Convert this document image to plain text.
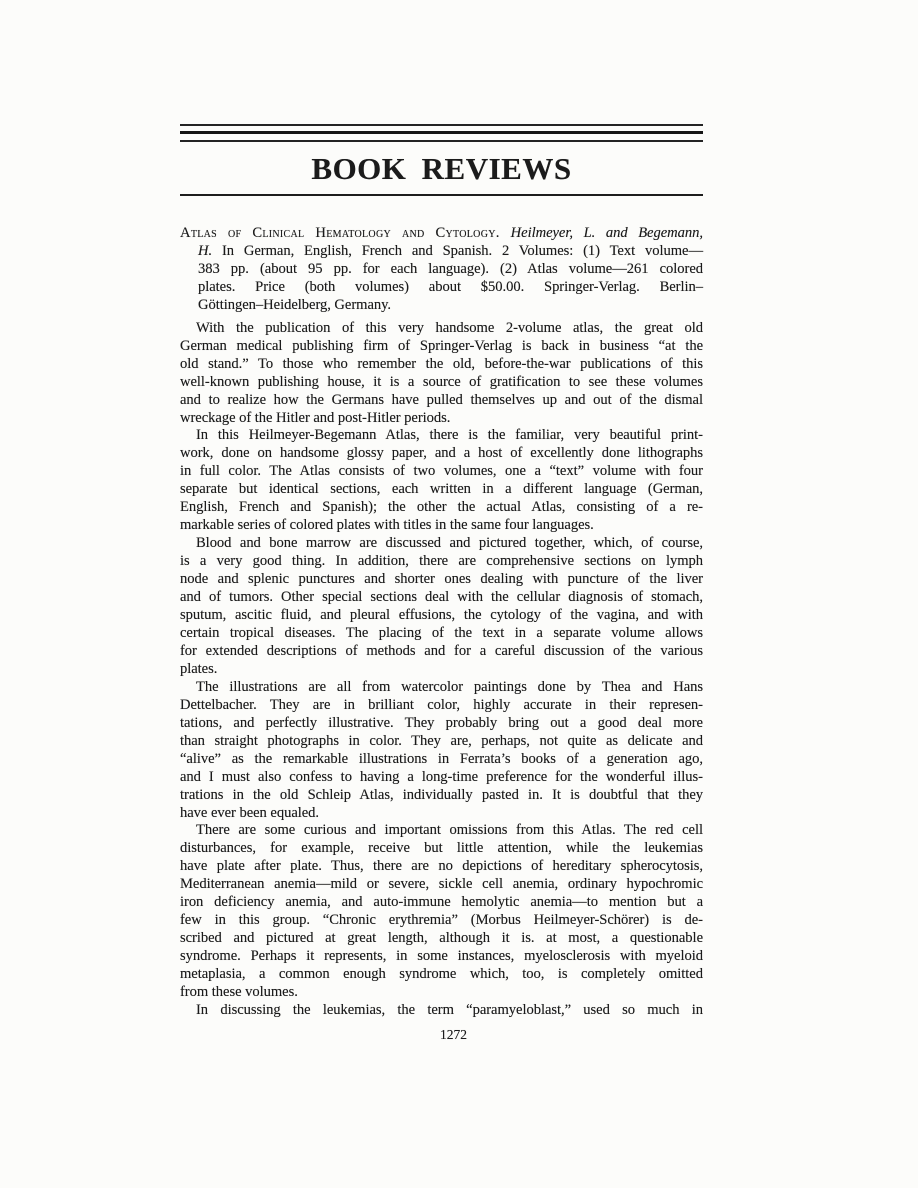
BOOK REVIEWS
Atlas of Clinical Hematology and Cytology. Heilmeyer, L. and Begemann,
H. In German, English, French and Spanish. 2 Volumes: (1) Text volume—
383 pp. (about 95 pp. for each language). (2) Atlas volume—261 colored
plates. Price (both volumes) about $50.00. Springer-Verlag. Berlin–
Göttingen–Heidelberg, Germany.
With the publication of this very handsome 2-volume atlas, the great old
German medical publishing firm of Springer-Verlag is back in business “at the
old stand.” To those who remember the old, before-the-war publications of this
well-known publishing house, it is a source of gratification to see these volumes
and to realize how the Germans have pulled themselves up and out of the dismal
wreckage of the Hitler and post-Hitler periods.
In this Heilmeyer-Begemann Atlas, there is the familiar, very beautiful print-
work, done on handsome glossy paper, and a host of excellently done lithographs
in full color. The Atlas consists of two volumes, one a “text” volume with four
separate but identical sections, each written in a different language (German,
English, French and Spanish); the other the actual Atlas, consisting of a re-
markable series of colored plates with titles in the same four languages.
Blood and bone marrow are discussed and pictured together, which, of course,
is a very good thing. In addition, there are comprehensive sections on lymph
node and splenic punctures and shorter ones dealing with puncture of the liver
and of tumors. Other special sections deal with the cellular diagnosis of stomach,
sputum, ascitic fluid, and pleural effusions, the cytology of the vagina, and with
certain tropical diseases. The placing of the text in a separate volume allows
for extended descriptions of methods and for a careful discussion of the various
plates.
The illustrations are all from watercolor paintings done by Thea and Hans
Dettelbacher. They are in brilliant color, highly accurate in their represen-
tations, and perfectly illustrative. They probably bring out a good deal more
than straight photographs in color. They are, perhaps, not quite as delicate and
“alive” as the remarkable illustrations in Ferrata’s books of a generation ago,
and I must also confess to having a long-time preference for the wonderful illus-
trations in the old Schleip Atlas, individually pasted in. It is doubtful that they
have ever been equaled.
There are some curious and important omissions from this Atlas. The red cell
disturbances, for example, receive but little attention, while the leukemias
have plate after plate. Thus, there are no depictions of hereditary spherocytosis,
Mediterranean anemia—mild or severe, sickle cell anemia, ordinary hypochromic
iron deficiency anemia, and auto-immune hemolytic anemia—to mention but a
few in this group. “Chronic erythremia” (Morbus Heilmeyer-Schörer) is de-
scribed and pictured at great length, although it is. at most, a questionable
syndrome. Perhaps it represents, in some instances, myelosclerosis with myeloid
metaplasia, a common enough syndrome which, too, is completely omitted
from these volumes.
In discussing the leukemias, the term “paramyeloblast,” used so much in
1272
